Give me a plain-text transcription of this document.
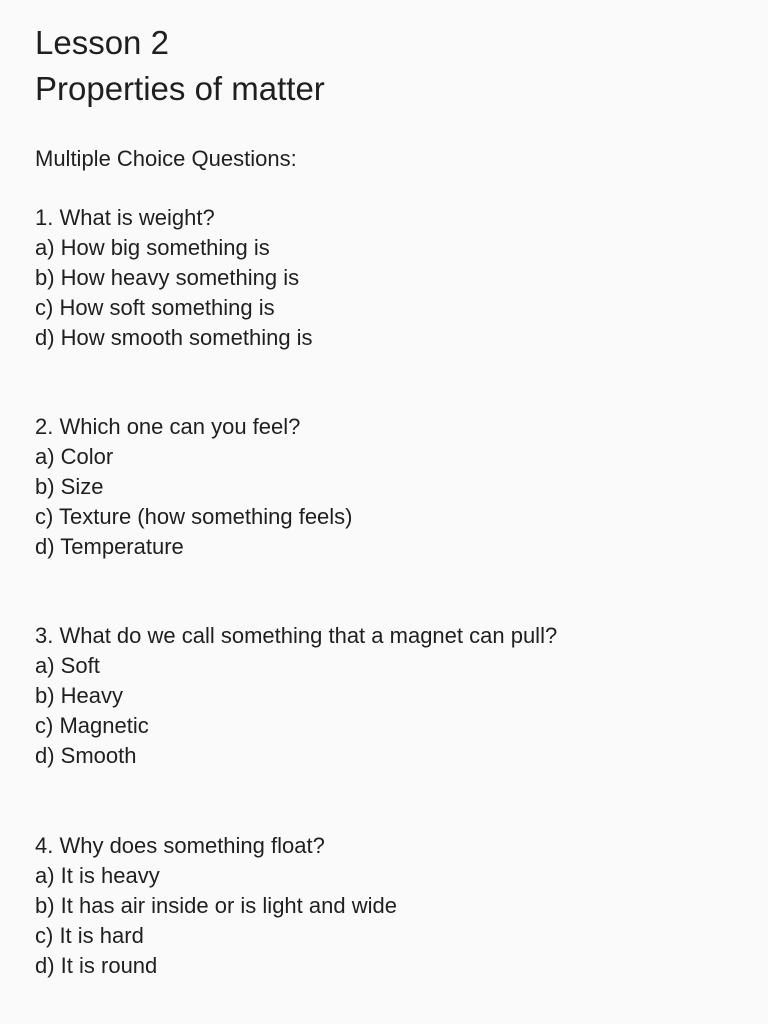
Lesson 2
Properties of matter

Multiple Choice Questions:

1. What is weight?

a) How big something is

b) How heavy something is

c) How soft something is

d) How smooth something is

2. Which one can you feel?

a) Color

b) Size

c) Texture (how something feels)

d) Temperature

3. What do we call something that a magnet can pull?

a) Soft

b) Heavy

c) Magnetic

d) Smooth

4. Why does something float?

a) It is heavy

b) It has air inside or is light and wide

c) It is hard

d) It is round
